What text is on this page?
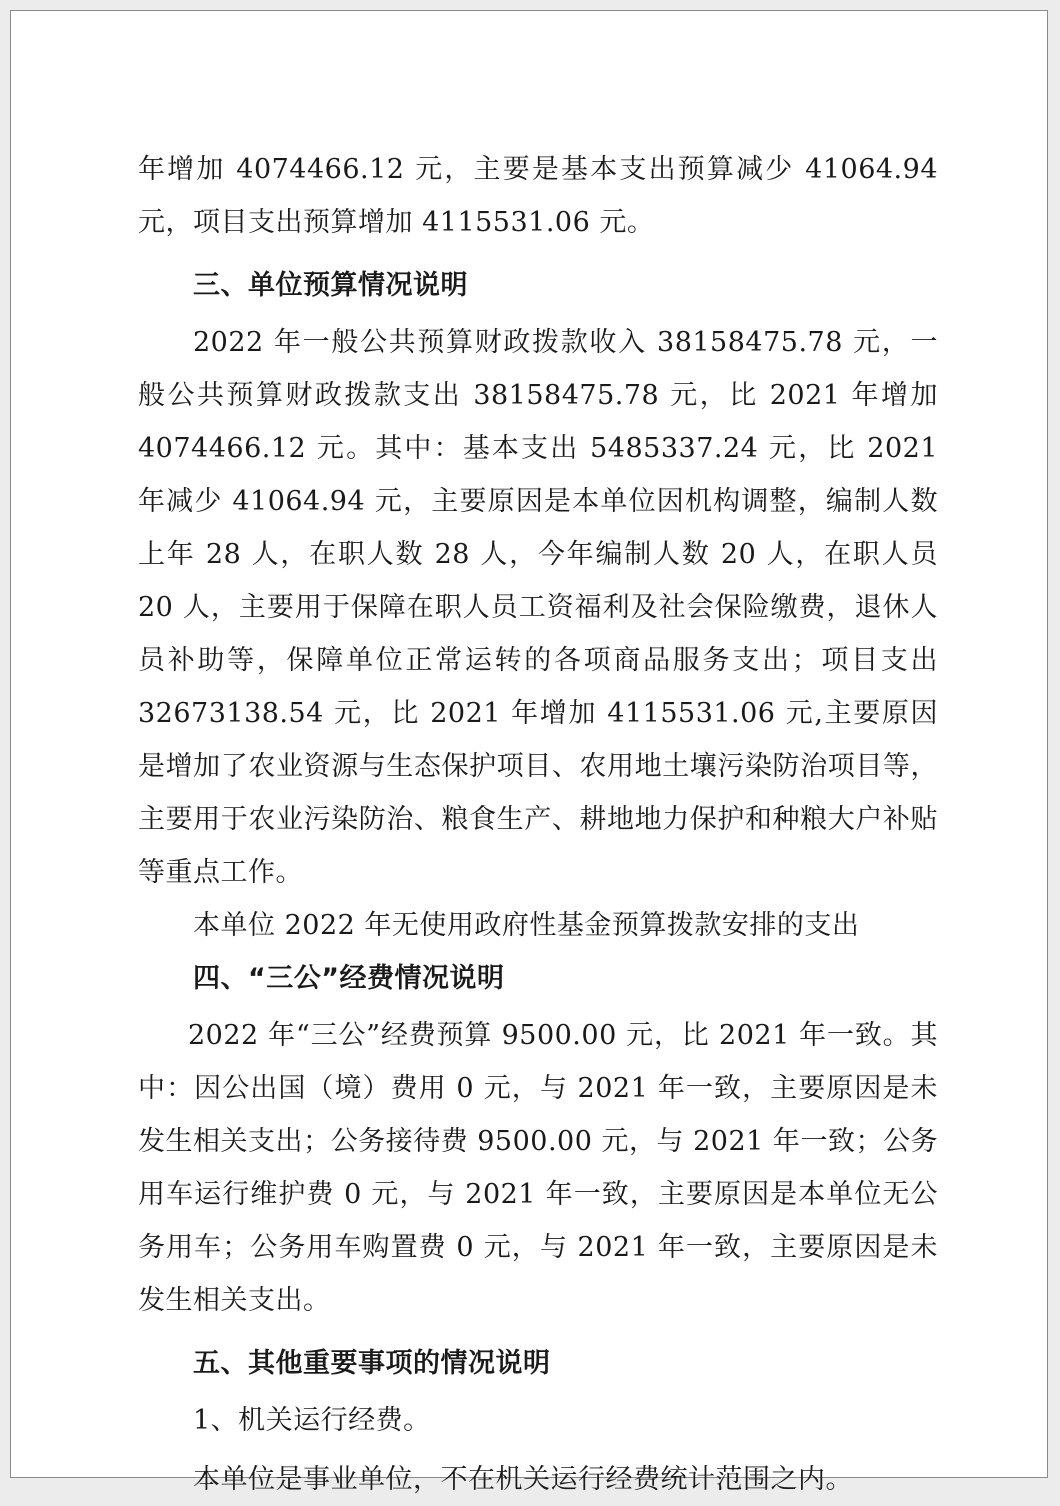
年增加 4074466.12 元，主要是基本支出预算减少 41064.94 元，项目支出预算增加 4115531.06 元。

三、单位预算情况说明

2022 年一般公共预算财政拨款收入 38158475.78 元，一般公共预算财政拨款支出 38158475.78 元，比 2021 年增加 4074466.12 元。其中：基本支出 5485337.24 元，比 2021 年减少 41064.94 元，主要原因是本单位因机构调整，编制人数上年 28 人，在职人数 28 人，今年编制人数 20 人，在职人员 20 人，主要用于保障在职人员工资福利及社会保险缴费，退休人员补助等，保障单位正常运转的各项商品服务支出；项目支出 32673138.54 元，比 2021 年增加 4115531.06 元,主要原因是增加了农业资源与生态保护项目、农用地土壤污染防治项目等，主要用于农业污染防治、粮食生产、耕地地力保护和种粮大户补贴等重点工作。

本单位 2022 年无使用政府性基金预算拨款安排的支出

四、“三公”经费情况说明

2022 年“三公”经费预算 9500.00 元，比 2021 年一致。其中：因公出国（境）费用 0 元，与 2021 年一致，主要原因是未发生相关支出；公务接待费 9500.00 元，与 2021 年一致；公务用车运行维护费 0 元，与 2021 年一致，主要原因是本单位无公务用车；公务用车购置费 0 元，与 2021 年一致，主要原因是未发生相关支出。

五、其他重要事项的情况说明

1、机关运行经费。

本单位是事业单位，不在机关运行经费统计范围之内。
